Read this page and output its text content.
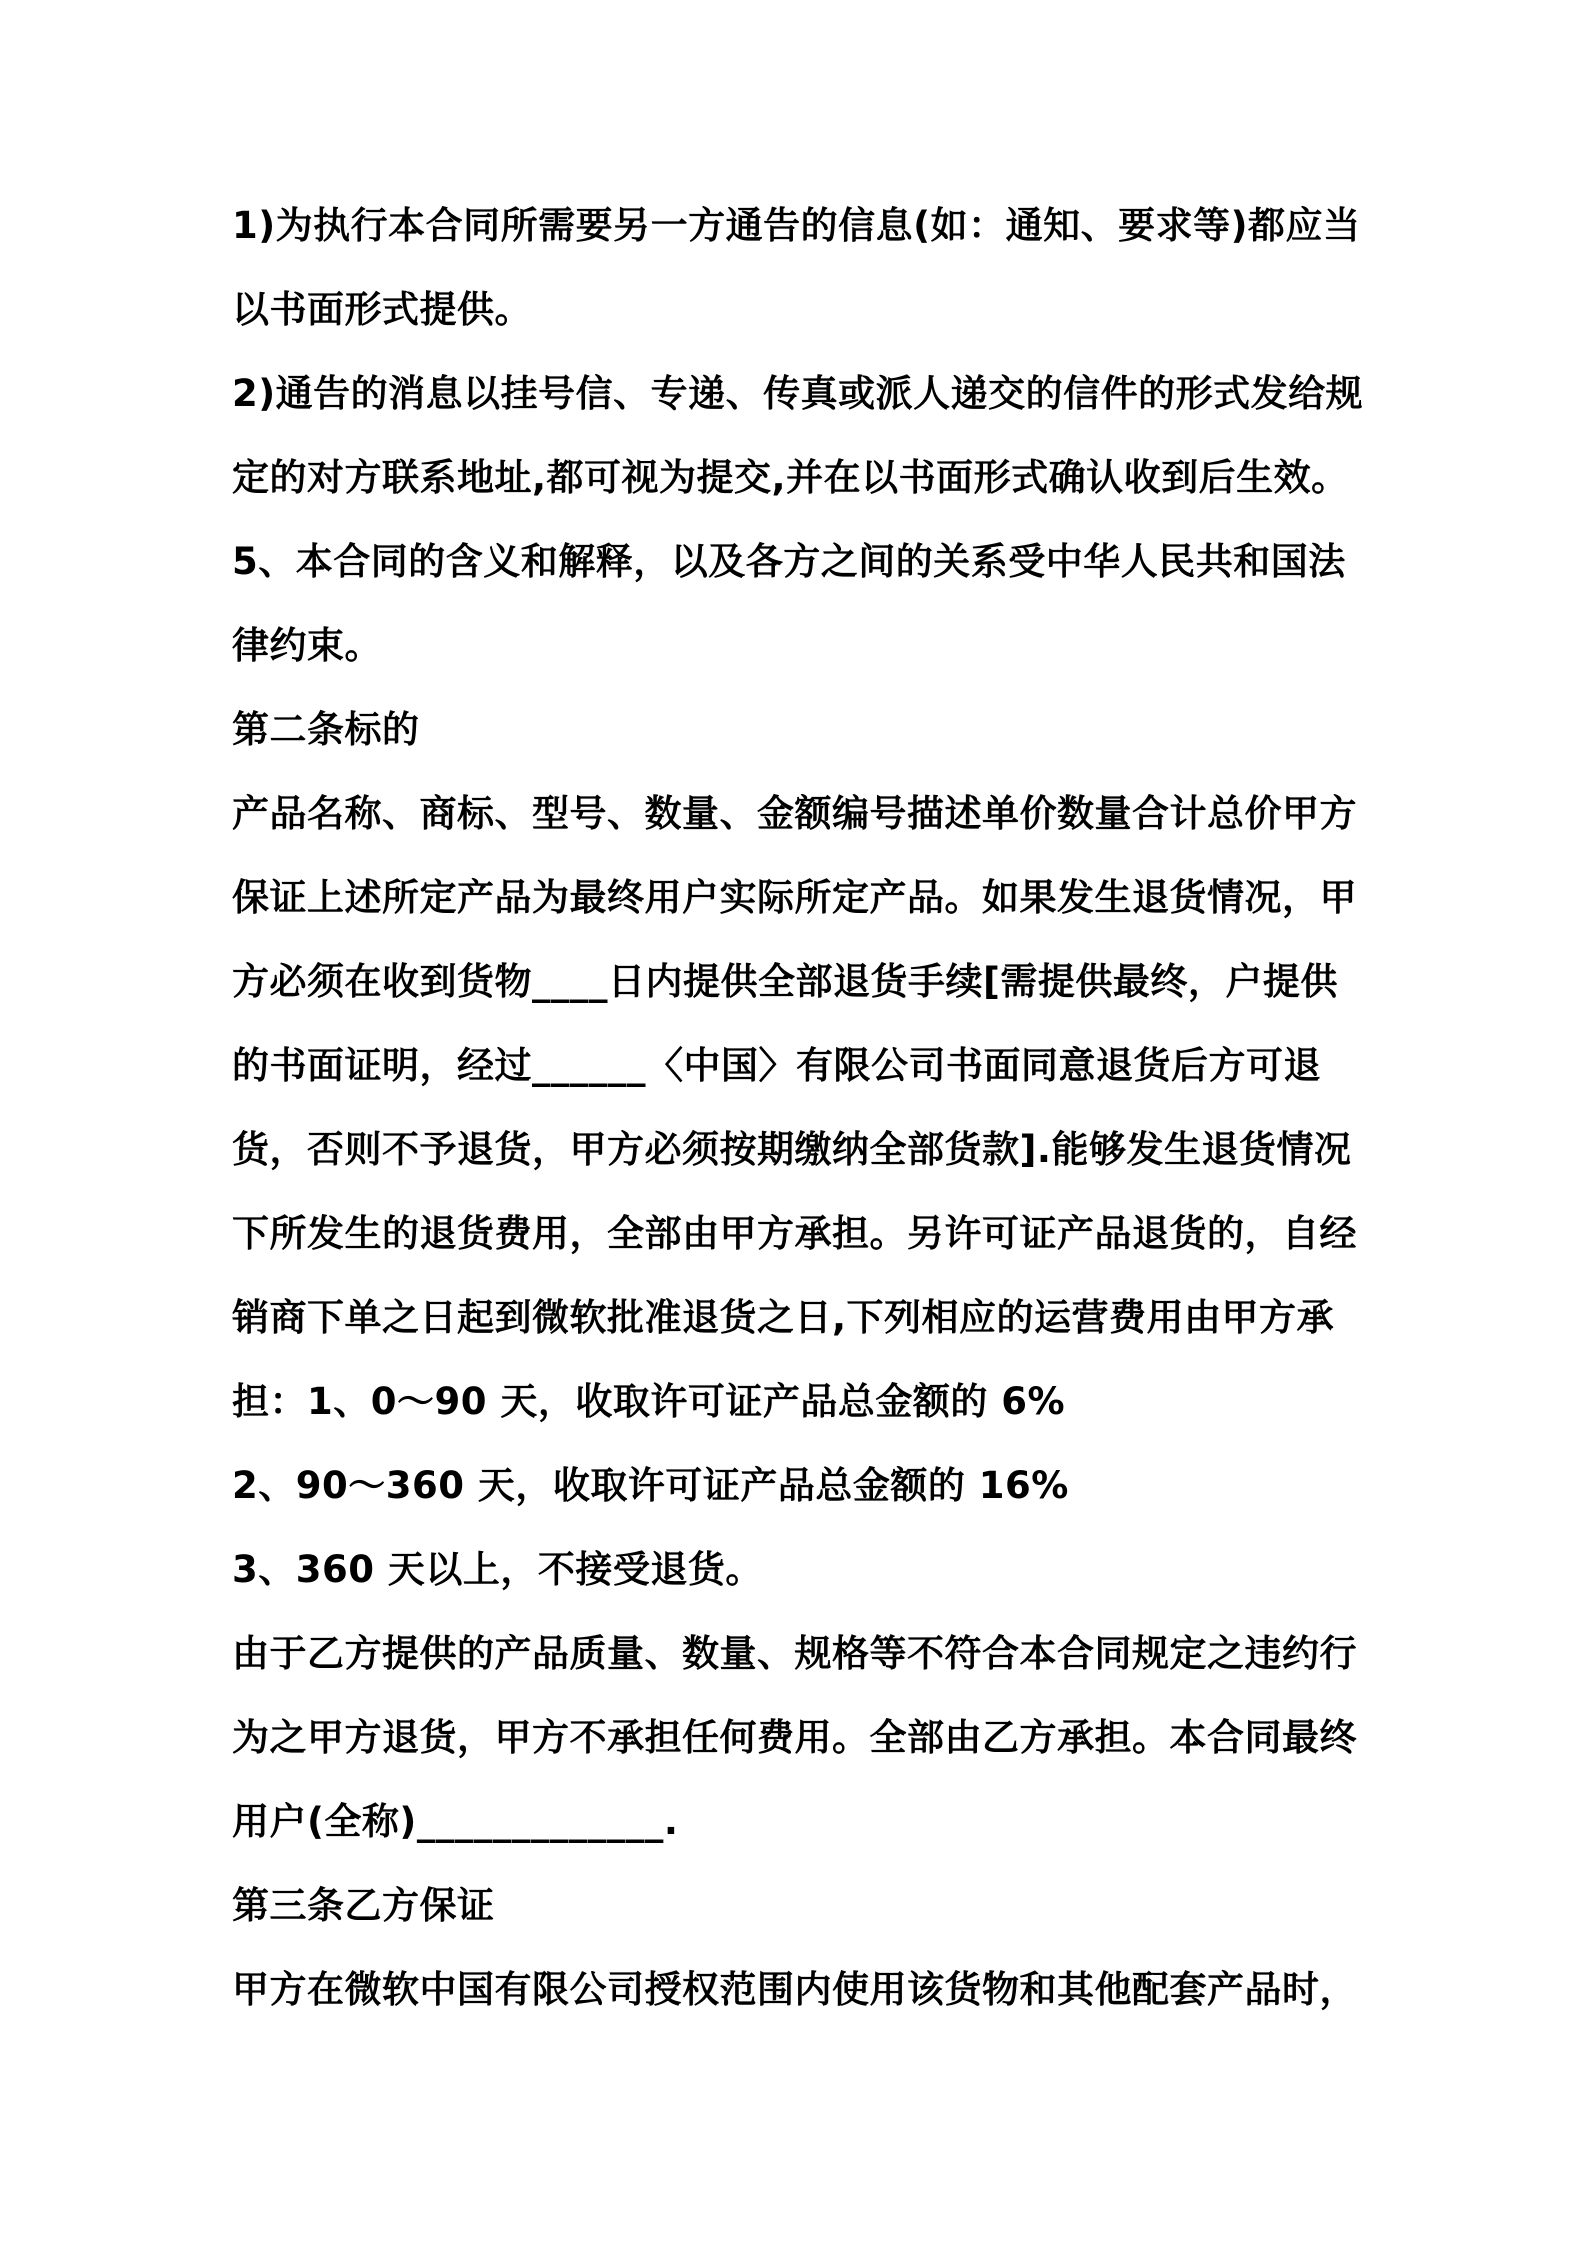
1)为执行本合同所需要另一方通告的信息(如：通知、要求等)都应当
以书面形式提供。
2)通告的消息以挂号信、专递、传真或派人递交的信件的形式发给规
定的对方联系地址,都可视为提交,并在以书面形式确认收到后生效。
5、本合同的含义和解释，以及各方之间的关系受中华人民共和国法
律约束。
第二条标的
产品名称、商标、型号、数量、金额编号描述单价数量合计总价甲方
保证上述所定产品为最终用户实际所定产品。如果发生退货情况，甲
方必须在收到货物____日内提供全部退货手续[需提供最终，户提供
的书面证明，经过______〈中国〉有限公司书面同意退货后方可退
货，否则不予退货，甲方必须按期缴纳全部货款].能够发生退货情况
下所发生的退货费用，全部由甲方承担。另许可证产品退货的，自经
销商下单之日起到微软批准退货之日,下列相应的运营费用由甲方承
担：1、0～90 天，收取许可证产品总金额的 6%
2、90～360 天，收取许可证产品总金额的 16%
3、360 天以上，不接受退货。
由于乙方提供的产品质量、数量、规格等不符合本合同规定之违约行
为之甲方退货，甲方不承担任何费用。全部由乙方承担。本合同最终
用户(全称)_____________.
第三条乙方保证
甲方在微软中国有限公司授权范围内使用该货物和其他配套产品时，
